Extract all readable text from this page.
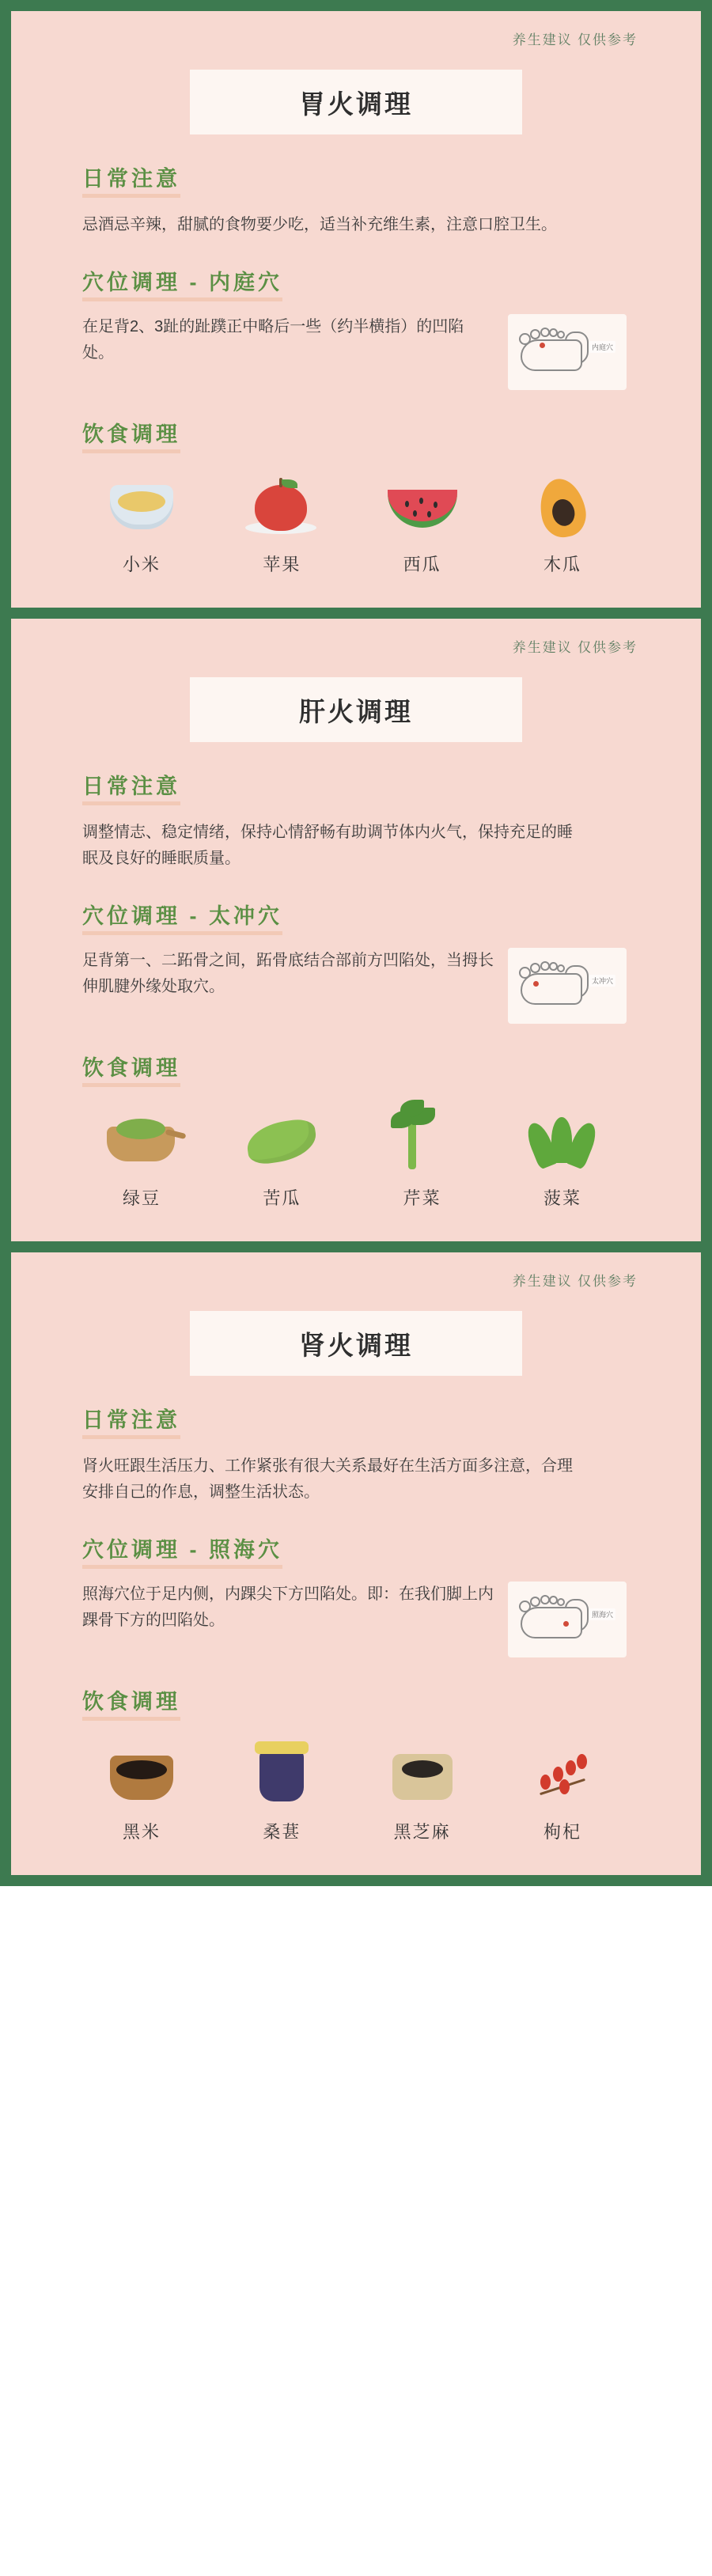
养生建议 仅供参考
胃火调理
日常注意

忌酒忌辛辣，甜腻的食物要少吃，适当补充维生素，注意口腔卫生。

穴位调理 - 内庭穴

在足背2、3趾的趾蹼正中略后一些（约半横指）的凹陷处。	内庭穴
饮食调理
小米	苹果	西瓜	木瓜
养生建议 仅供参考
肝火调理
日常注意

调整情志、稳定情绪，保持心情舒畅有助调节体内火气，保持充足的睡眠及良好的睡眠质量。

穴位调理 - 太冲穴

足背第一、二跖骨之间，跖骨底结合部前方凹陷处，当拇长伸肌腱外缘处取穴。	太冲穴
饮食调理
绿豆	苦瓜	芹菜	菠菜
养生建议 仅供参考
肾火调理
日常注意

肾火旺跟生活压力、工作紧张有很大关系最好在生活方面多注意，合理安排自己的作息，调整生活状态。

穴位调理 - 照海穴

照海穴位于足内侧，内踝尖下方凹陷处。即：在我们脚上内踝骨下方的凹陷处。	照海穴
饮食调理
黑米	桑葚	黑芝麻	枸杞
